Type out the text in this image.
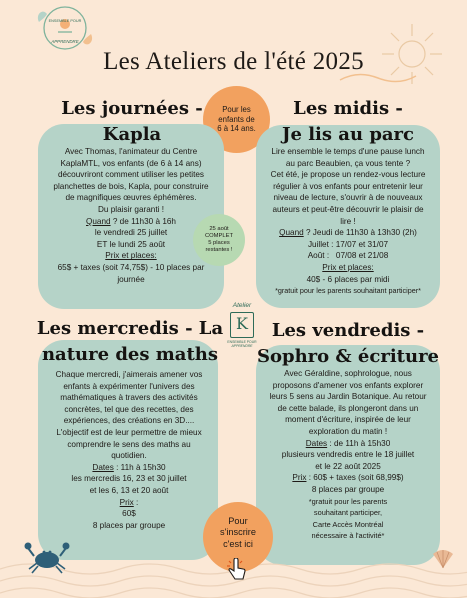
ENSEMBLE POUR
APPRENDRE
Les Ateliers de l'été 2025
Pour les
enfants de
6 à 14 ans.
Les journées -
Kapla
Avec Thomas, l'animateur du Centre
KaplaMTL, vos enfants (de 6 à 14 ans)
découvriront comment utiliser les petites
planchettes de bois, Kapla, pour construire
de magnifiques œuvres éphémères.
Du plaisir garanti !
Quand ? de 11h30 à 16h
le vendredi 25 juillet
ET le lundi 25 août
Prix et places:
65$ + taxes (soit 74,75$) - 10 places par
journée
25 août
COMPLET
5 places
restantes !
Les midis -
Je lis au parc
Lire ensemble le temps d'une pause lunch
au parc Beaubien, ça vous tente ?
Cet été, je propose un rendez-vous lecture
régulier à vos enfants pour entretenir leur
niveau de lecture, s'ouvrir à de nouveaux
auteurs et peut-être découvrir le plaisir de
lire !
Quand ? Jeudi de 11h30 à 13h30 (2h)
Juillet : 17/07 et 31/07
Août :   07/08 et 21/08
Prix et places:
40$ - 6 places par midi
*gratuit pour les parents souhaitant participer*
Atelier
K
ENSEMBLE POUR
APPRENDRE
Les mercredis - La
nature des maths
Chaque mercredi, j'aimerais amener vos
enfants à expérimenter l'univers des
mathématiques à travers des activités
concrètes, tel que des recettes, des
expériences, des créations en 3D....
L'objectif est de leur permettre de mieux
comprendre le sens des maths au
quotidien.
Dates : 11h à 15h30
les mercredis 16, 23 et 30 juillet
et les 6, 13 et 20 août
Prix :
60$
8 places par groupe
Les vendredis -
Sophro & écriture
Avec Géraldine, sophrologue, nous
proposons d'amener vos enfants explorer
leurs 5 sens au Jardin Botanique. Au retour
de cette balade, ils plongeront dans un
moment d'écriture, inspirée de leur
exploration du matin !
Dates : de 11h à 15h30
plusieurs vendredis entre le 18 juillet
et le 22 août 2025
Prix : 60$ + taxes (soit 68,99$)
8 places par groupe
*gratuit pour les parents
souhaitant participer,
Carte Accès Montréal
nécessaire à l'activité*
Pour
s'inscrire
c'est ici
